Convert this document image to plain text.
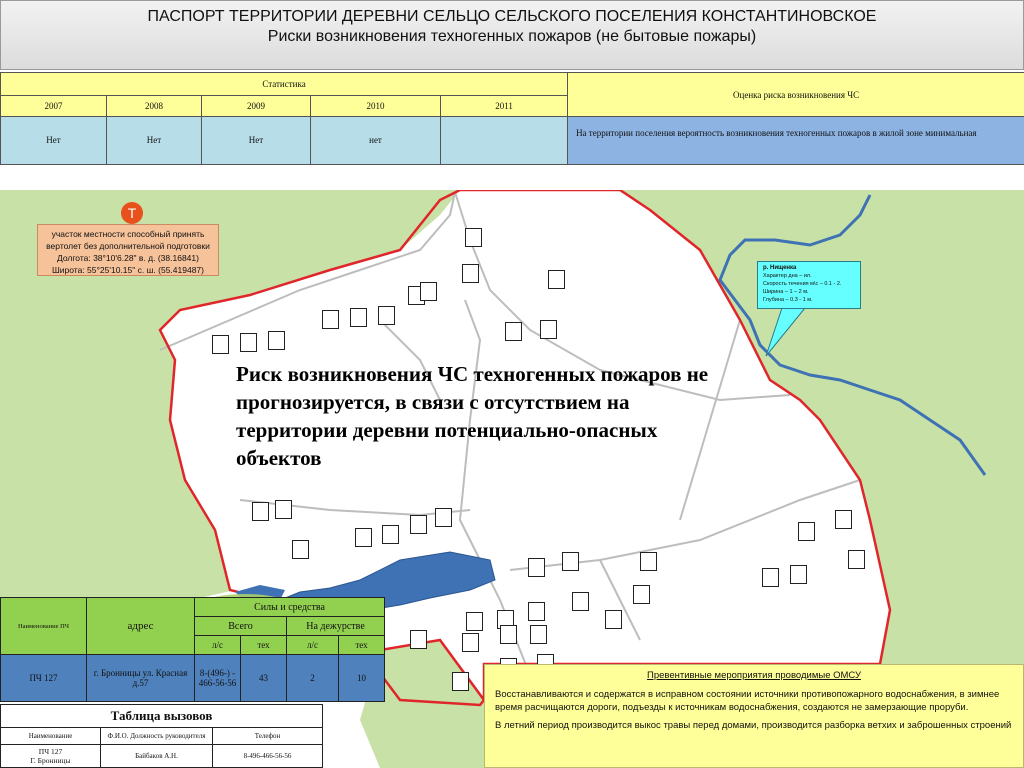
ПАСПОРТ ТЕРРИТОРИИ ДЕРЕВНИ СЕЛЬЦО СЕЛЬСКОГО ПОСЕЛЕНИЯ КОНСТАНТИНОВСКОЕ
Риски возникновения техногенных пожаров (не бытовые пожары)
Статистика					Оценка риска возникновения ЧС
2007	2008	2009	2010	2011	
Нет	Нет	Нет	нет		На территории поселения вероятность возникновения техногенных пожаров в жилой зоне минимальная
Т
участок местности способный принять
вертолет без дополнительной подготовки
Долгота: 38°10'6.28" в. д. (38.16841)
Широта: 55°25'10.15" с. ш. (55.419487)	р. Нищенка
Характер дна – ил.
Скорость течения м\с – 0.1 - 2.
Ширина – 1 – 2 м.
Глубина – 0.3 - 1 м.
Риск возникновения ЧС техногенных пожаров не прогнозируется, в связи с отсутствием на территории деревни потенциально-опасных объектов
Наименование ПЧ	адрес	Силы и средства			
		Всего		На дежурстве	
		л/с	тех	л/с	тех
ПЧ 127	г. Бронницы ул. Красная д.57	8-(496-) - 466-56-56	43	2	10
Таблица вызовов		
Наименование	Ф.И.О. Должность руководителя	Телефон
ПЧ 127
Г. Бронницы	Байбаков А.Н.	8-496-466-56-56
Превентивные мероприятия проводимые ОМСУ

Восстанавливаются и содержатся в исправном состоянии источники противопожарного водоснабжения, в зимнее время расчищаются дороги, подъезды к источникам водоснабжения, создаются не замерзающие проруби.

В летний период производится выкос травы перед домами, производится разборка ветхих и заброшенных строений
